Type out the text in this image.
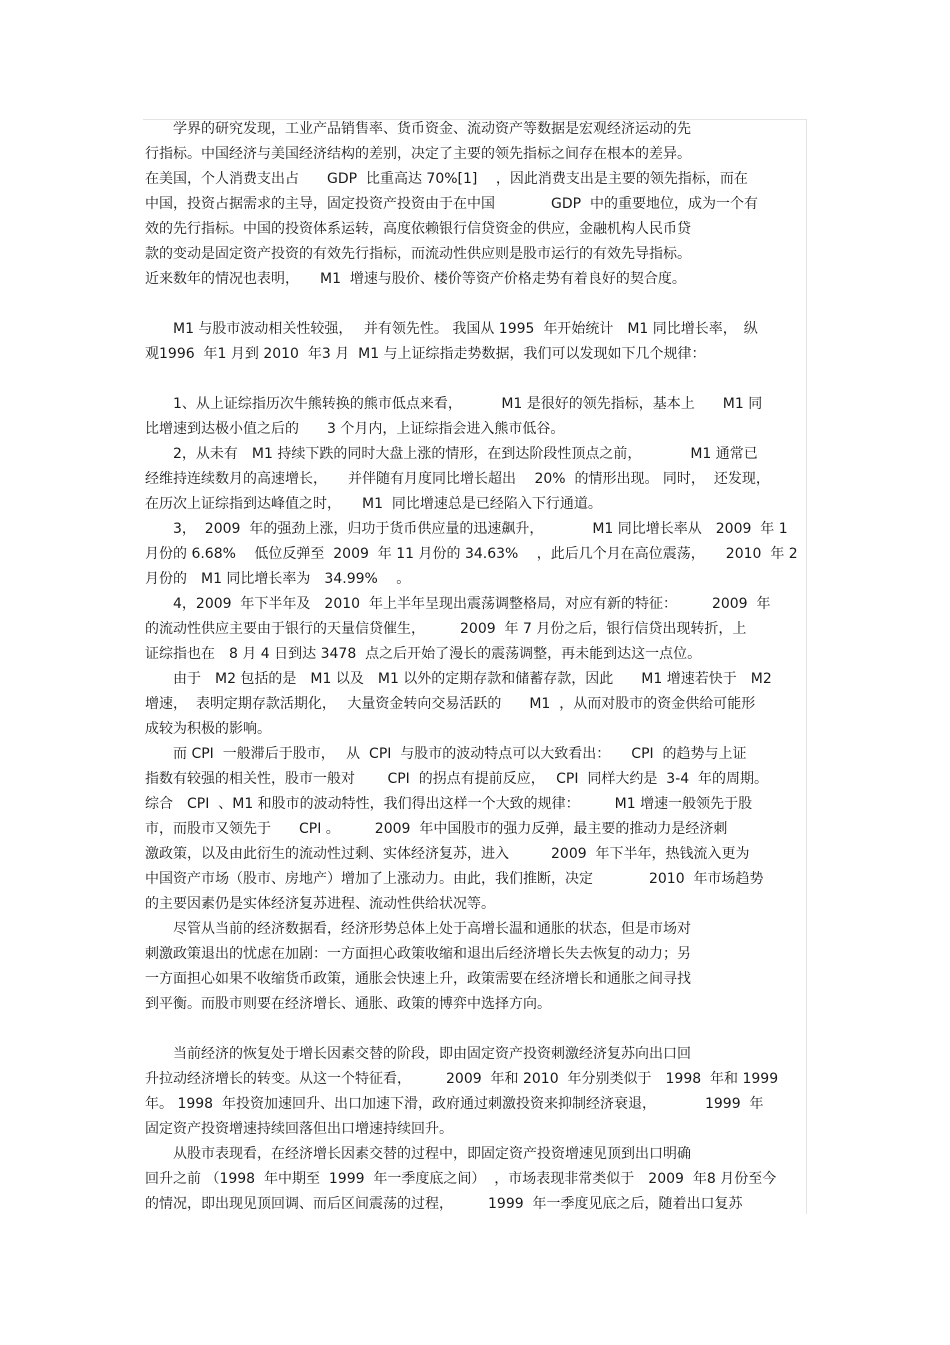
　　学界的研究发现，工业产品销售率、货币资金、流动资产等数据是宏观经济运动的先
行指标。中国经济与美国经济结构的差别，决定了主要的领先指标之间存在根本的差异。
在美国，个人消费支出占　　GDP  比重高达 70%[1]　 ，因此消费支出是主要的领先指标，而在
中国，投资占据需求的主导，固定投资产投资由于在中国　　　　GDP  中的重要地位，成为一个有
效的先行指标。中国的投资体系运转，高度依赖银行信贷资金的供应，金融机构人民币贷
款的变动是固定资产投资的有效先行指标，而流动性供应则是股市运行的有效先导指标。
近来数年的情况也表明，　　M1  增速与股价、楼价等资产价格走势有着良好的契合度。
　　M1 与股市波动相关性较强，　 并有领先性。 我国从 1995  年开始统计　M1 同比增长率，　纵
观1996  年1 月到 2010  年3 月  M1 与上证综指走势数据，我们可以发现如下几个规律：
　　1、从上证综指历次牛熊转换的熊市低点来看，　　　 M1 是很好的领先指标，基本上　　M1 同
比增速到达极小值之后的　　3 个月内，上证综指会进入熊市低谷。
　　2，从未有　M1 持续下跌的同时大盘上涨的情形，在到达阶段性顶点之前，　　　　M1 通常已
经维持连续数月的高速增长，　　并伴随有月度同比增长超出　 20%  的情形出现。 同时，  还发现，
在历次上证综指到达峰值之时，　　M1  同比增速总是已经陷入下行通道。
　　3，  2009  年的强劲上涨，归功于货币供应量的迅速飙升，　　　　M1 同比增长率从　2009  年 1
月份的 6.68%　 低位反弹至  2009  年 11 月份的 34.63%　 ，此后几个月在高位震荡，　　2010  年 2
月份的　M1 同比增长率为　34.99%　 。
　　4，2009  年下半年及　2010  年上半年呈现出震荡调整格局，对应有新的特征：　　　2009  年
的流动性供应主要由于银行的天量信贷催生，　　　2009  年 7 月份之后，银行信贷出现转折，上
证综指也在　8 月 4 日到达 3478  点之后开始了漫长的震荡调整，再未能到达这一点位。
　　由于　M2 包括的是　M1 以及　M1 以外的定期存款和储蓄存款，因此　　M1 增速若快于　M2
增速，  表明定期存款活期化，　 大量资金转向交易活跃的　　M1  ，从而对股市的资金供给可能形
成较为积极的影响。
　　而 CPI  一般滞后于股市，　 从  CPI  与股市的波动特点可以大致看出：　　CPI  的趋势与上证
指数有较强的相关性，股市一般对　　 CPI  的拐点有提前反应，　 CPI  同样大约是  3-4  年的周期。
综合　CPI  、M1 和股市的波动特性，我们得出这样一个大致的规律：　　　M1 增速一般领先于股
市，而股市又领先于　　CPI 。　　　2009  年中国股市的强力反弹，最主要的推动力是经济刺
激政策，以及由此衍生的流动性过剩、实体经济复苏，进入　　　2009  年下半年，热钱流入更为
中国资产市场（股市、房地产）增加了上涨动力。由此，我们推断，决定　　　　2010  年市场趋势
的主要因素仍是实体经济复苏进程、流动性供给状况等。
　　尽管从当前的经济数据看，经济形势总体上处于高增长温和通胀的状态，但是市场对
刺激政策退出的忧虑在加剧：一方面担心政策收缩和退出后经济增长失去恢复的动力；另
一方面担心如果不收缩货币政策，通胀会快速上升，政策需要在经济增长和通胀之间寻找
到平衡。而股市则要在经济增长、通胀、政策的博弈中选择方向。
　　当前经济的恢复处于增长因素交替的阶段，即由固定资产投资刺激经济复苏向出口回
升拉动经济增长的转变。从这一个特征看，　　　2009  年和 2010  年分别类似于　1998  年和 1999
年。 1998  年投资加速回升、出口加速下滑，政府通过刺激投资来抑制经济衰退，　　　　1999  年
固定资产投资增速持续回落但出口增速持续回升。
　　从股市表现看，在经济增长因素交替的过程中，即固定资产投资增速见顶到出口明确
回升之前 （1998  年中期至  1999  年一季度底之间）  ，市场表现非常类似于　2009  年8 月份至今
的情况，即出现见顶回调、而后区间震荡的过程，　　　1999  年一季度见底之后，随着出口复苏
